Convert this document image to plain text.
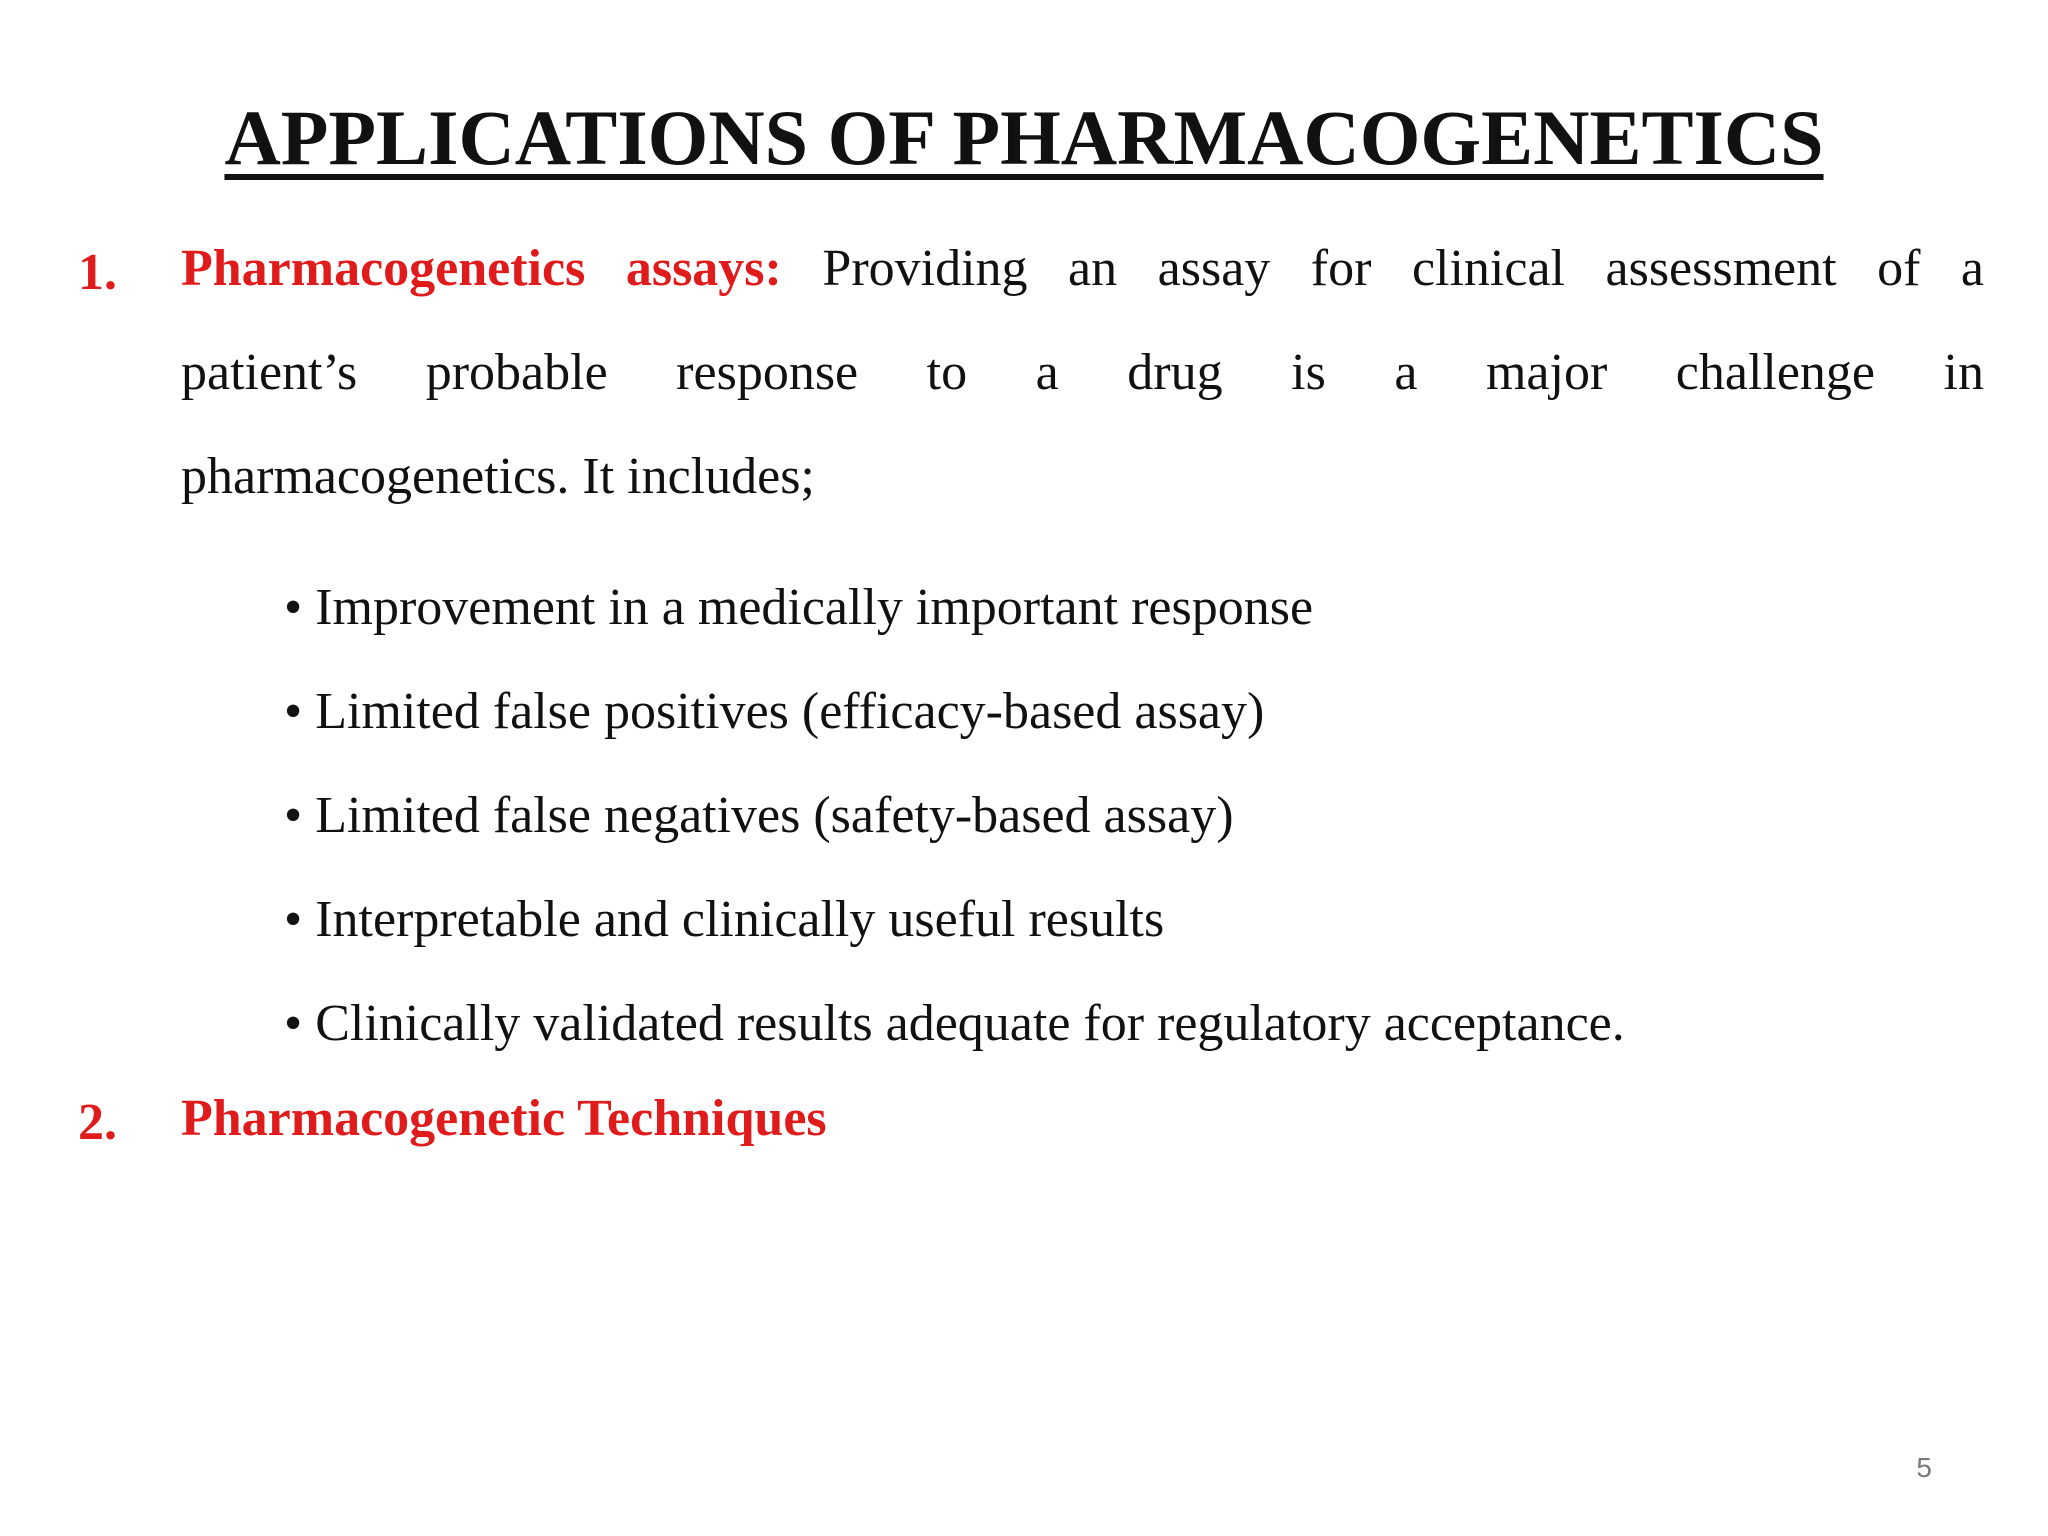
APPLICATIONS OF PHARMACOGENETICS
1. Pharmacogenetics assays: Providing an assay for clinical assessment of a
patient’s probable response to a drug is a major challenge in
pharmacogenetics. It includes;
• Improvement in a medically important response
• Limited false positives (efficacy-based assay)
• Limited false negatives (safety-based assay)
• Interpretable and clinically useful results
• Clinically validated results adequate for regulatory acceptance.
2. Pharmacogenetic Techniques
5
